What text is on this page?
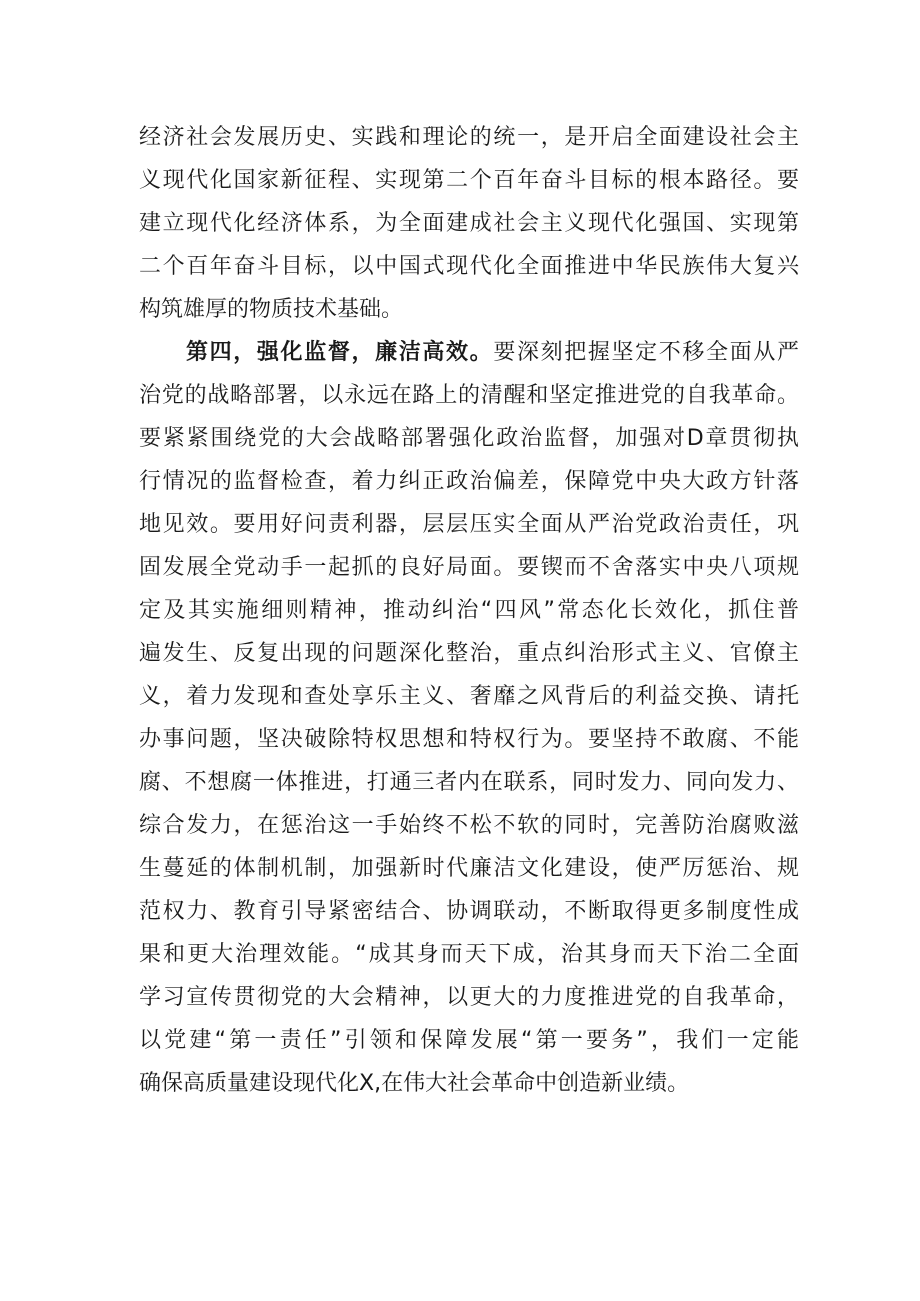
经济社会发展历史、实践和理论的统一，是开启全面建设社会主
义现代化国家新征程、实现第二个百年奋斗目标的根本路径。要
建立现代化经济体系，为全面建成社会主义现代化强国、实现第
二个百年奋斗目标，以中国式现代化全面推进中华民族伟大复兴
构筑雄厚的物质技术基础。
第四，强化监督，廉洁高效。要深刻把握坚定不移全面从严
治党的战略部署，以永远在路上的清醒和坚定推进党的自我革命。
要紧紧围绕党的大会战略部署强化政治监督，加强对D章贯彻执
行情况的监督检查，着力纠正政治偏差，保障党中央大政方针落
地见效。要用好问责利器，层层压实全面从严治党政治责任，巩
固发展全党动手一起抓的良好局面。要锲而不舍落实中央八项规
定及其实施细则精神，推动纠治“四风”常态化长效化，抓住普
遍发生、反复出现的问题深化整治，重点纠治形式主义、官僚主
义，着力发现和查处享乐主义、奢靡之风背后的利益交换、请托
办事问题，坚决破除特权思想和特权行为。要坚持不敢腐、不能
腐、不想腐一体推进，打通三者内在联系，同时发力、同向发力、
综合发力，在惩治这一手始终不松不软的同时，完善防治腐败滋
生蔓延的体制机制，加强新时代廉洁文化建设，使严厉惩治、规
范权力、教育引导紧密结合、协调联动，不断取得更多制度性成
果和更大治理效能。“成其身而天下成，治其身而天下治二全面
学习宣传贯彻党的大会精神，以更大的力度推进党的自我革命，
以党建“第一责任”引领和保障发展“第一要务”，我们一定能
确保高质量建设现代化X,在伟大社会革命中创造新业绩。
